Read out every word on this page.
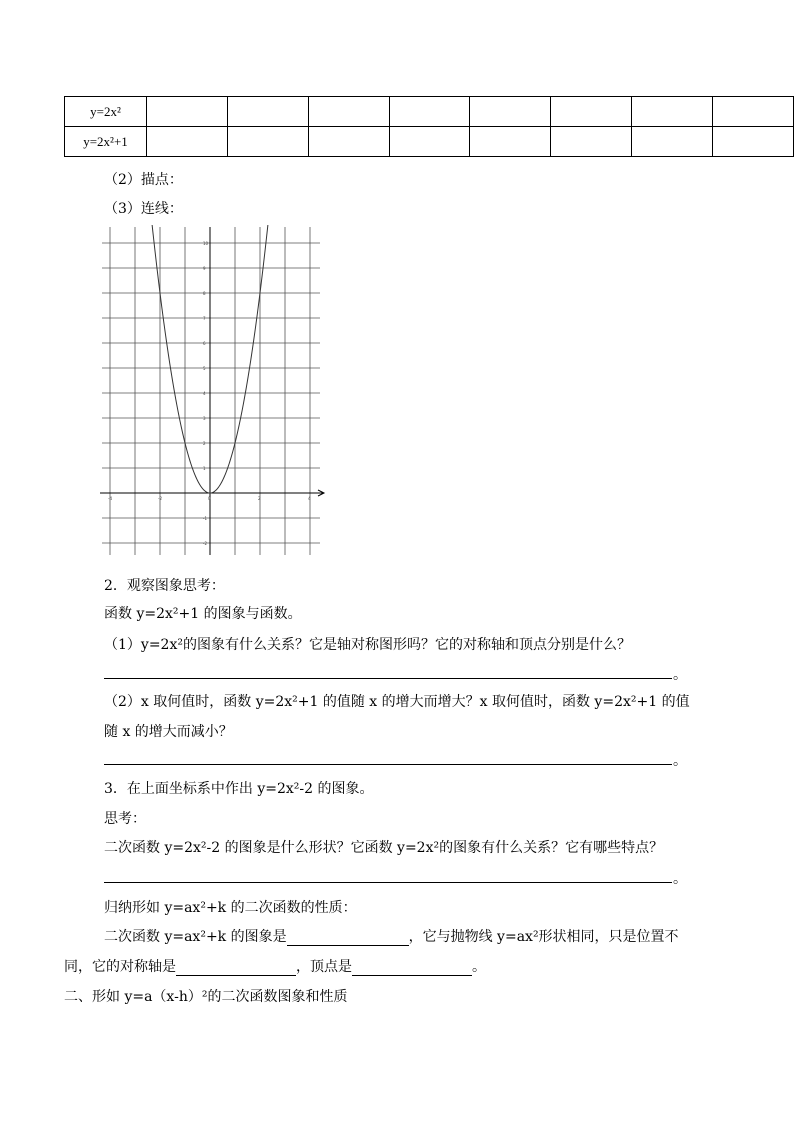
y=2x²								
y=2x²+1								
（2）描点：
（3）连线：
-4	-2	0	2	4
10
9
8
7
6
5
4
3
2
1
-1
-2
2．观察图象思考：
函数 y=2x²+1 的图象与函数。
（1）y=2x²的图象有什么关系？它是轴对称图形吗？它的对称轴和顶点分别是什么？
。
（2）x 取何值时，函数 y=2x²+1 的值随 x 的增大而增大？x 取何值时，函数 y=2x²+1 的值
随 x 的增大而减小？
。
3．在上面坐标系中作出 y=2x²-2 的图象。
思考：
二次函数 y=2x²-2 的图象是什么形状？它函数 y=2x²的图象有什么关系？它有哪些特点？
。
归纳形如 y=ax²+k 的二次函数的性质：
二次函数 y=ax²+k 的图象是	，它与抛物线 y=ax²形状相同，只是位置不
同，它的对称轴是	，顶点是	。
二、形如 y=a（x-h）²的二次函数图象和性质
